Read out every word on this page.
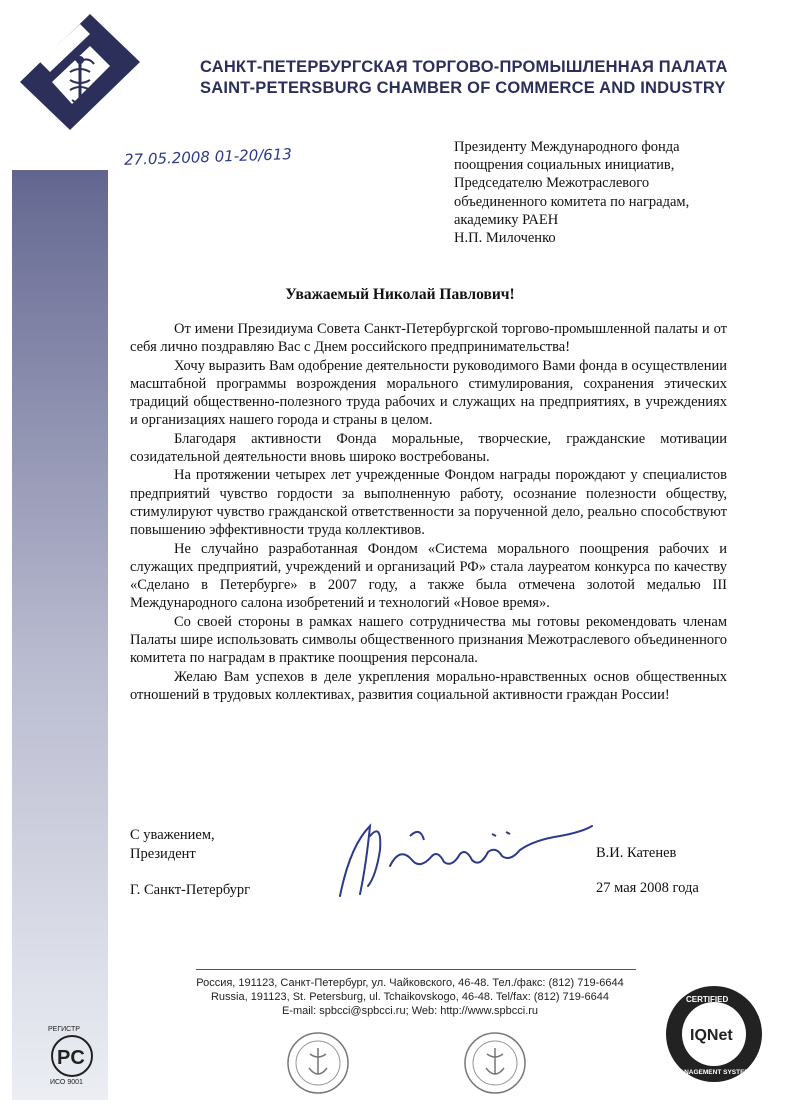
САНКТ-ПЕТЕРБУРГСКАЯ ТОРГОВО-ПРОМЫШЛЕННАЯ ПАЛАТА
SAINT-PETERSBURG CHAMBER OF COMMERCE AND INDUSTRY
27.05.2008 01-20/613	Президенту Международного фонда
поощрения социальных инициатив,
Председателю Межотраслевого
объединенного комитета по наградам,
академику РАЕН
Н.П. Милоченко
Уважаемый Николай Павлович!

От имени Президиума Совета Санкт-Петербургской торгово-промышленной палаты и от себя лично поздравляю Вас с Днем российского предпринимательства!

Хочу выразить Вам одобрение деятельности руководимого Вами фонда в осуществлении масштабной программы возрождения морального стимулирования, сохранения этических традиций общественно-полезного труда рабочих и служащих на предприятиях, в учреждениях и организациях нашего города и страны в целом.

Благодаря активности Фонда моральные, творческие, гражданские мотивации созидательной деятельности вновь широко востребованы.

На протяжении четырех лет учрежденные Фондом награды порождают у специалистов предприятий чувство гордости за выполненную работу, осознание полезности обществу, стимулируют чувство гражданской ответственности за порученной дело, реально способствуют повышению эффективности труда коллективов.

Не случайно разработанная Фондом «Система морального поощрения рабочих и служащих предприятий, учреждений и организаций РФ» стала лауреатом конкурса по качеству «Сделано в Петербурге» в 2007 году, а также была отмечена золотой медалью III Международного салона изобретений и технологий «Новое время».

Со своей стороны в рамках нашего сотрудничества мы готовы рекомендовать членам Палаты шире использовать символы общественного признания Межотраслевого объединенного комитета по наградам в практике поощрения персонала.

Желаю Вам успехов в деле укрепления морально-нравственных основ общественных отношений в трудовых коллективах, развития социальной активности граждан России!

С уважением,
Президент
Г. Санкт-Петербург
В.И. Катенев
27 мая 2008 года
Россия, 191123, Санкт-Петербург, ул. Чайковского, 46-48. Тел./факс: (812) 719-6644
Russia, 191123, St. Petersburg, ul. Tchaikovskogo, 46-48. Tel/fax: (812) 719-6644
E-mail: spbcci@spbcci.ru; Web: http://www.spbcci.ru
РЕГИСТР
PC
ИСО 9001
CERTIFIED
MANAGEMENT SYSTEM
IQNet
